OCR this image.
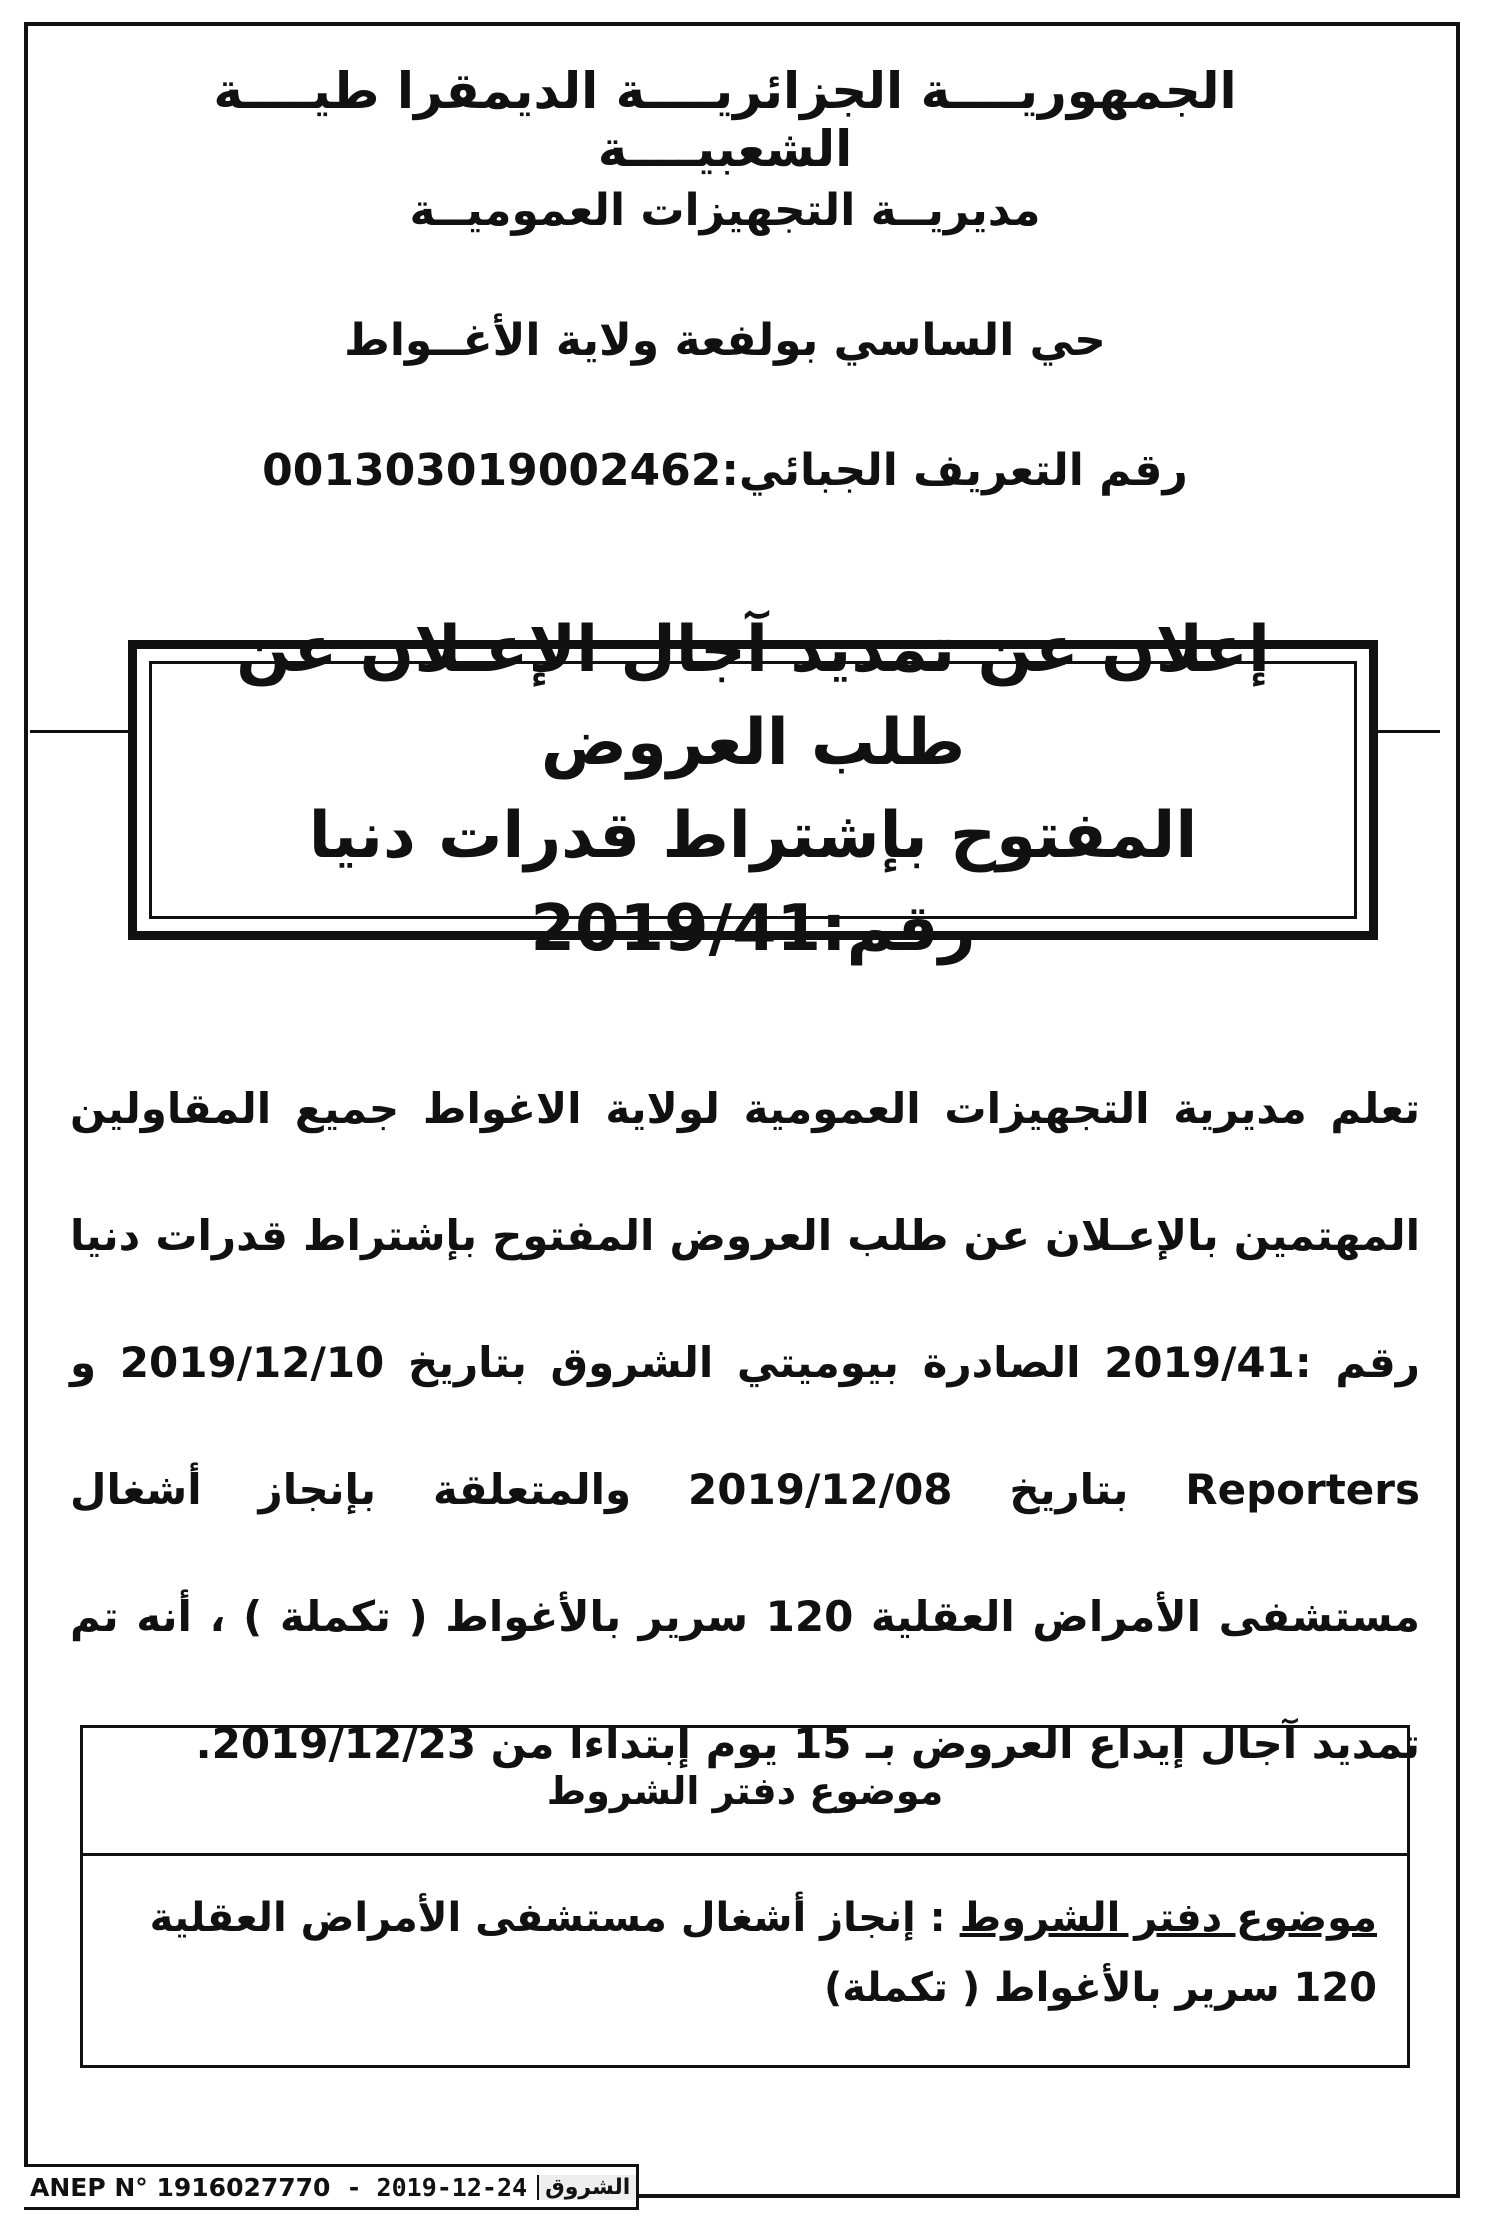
الجمهوريــــة الجزائريــــة الديمقرا طيــــة الشعبيــــة
مديريــة التجهيزات العموميــة
حي الساسي بولفعة ولاية الأغــواط
رقم التعريف الجبائي:001303019002462
إعلان عن تمديد آجال الإعـلان عن طلب العروض
المفتوح بإشتراط قدرات دنيا رقم:2019/41
تعلم مديرية التجهيزات العمومية لولاية الاغواط جميع المقاولين المهتمين بالإعـلان عن طلب العروض المفتوح بإشتراط قدرات دنيا رقم :2019/41 الصادرة بيوميتي الشروق بتاريخ 2019/12/10 و Reporters بتاريخ 2019/12/08 والمتعلقة بإنجاز أشغال مستشفى الأمراض العقلية 120 سرير بالأغواط ( تكملة ) ، أنه تم تمديد آجال إيداع العروض بـ 15 يوم إبتداءا من 2019/12/23.
موضوع دفتر الشروط
موضوع دفتر الشروط : إنجاز أشغال مستشفى الأمراض العقلية 120 سرير بالأغواط ( تكملة)
ANEP N° 1916027770 - 2019-12-24 الشروق
